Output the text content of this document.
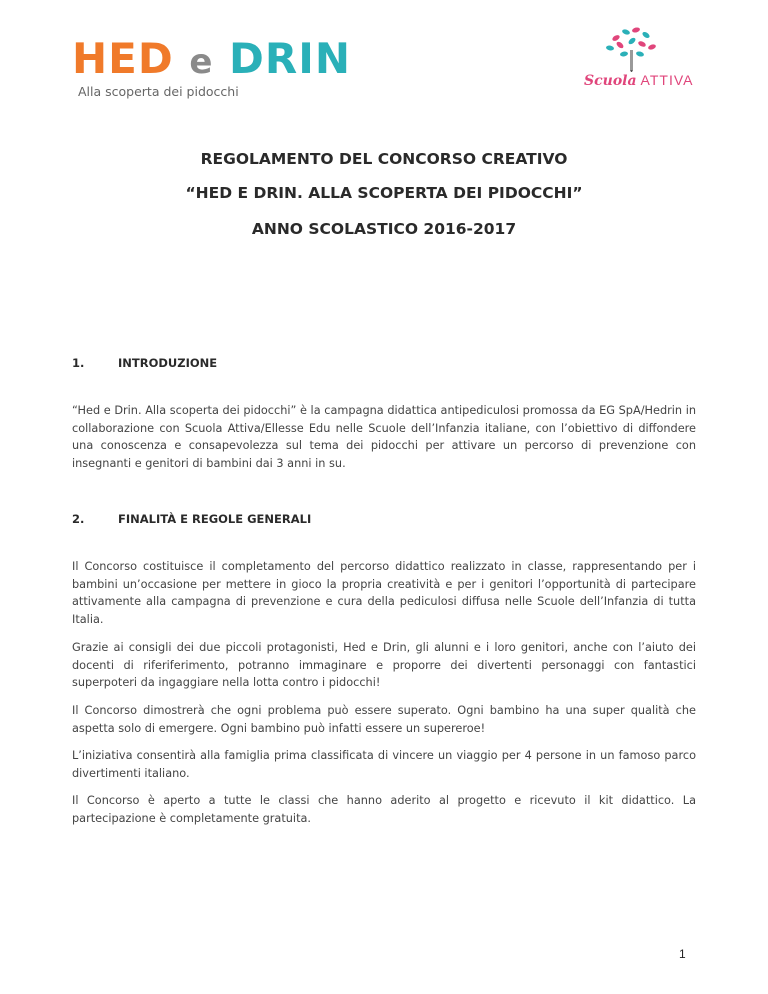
HED e DRIN
Alla scoperta dei pidocchi
Scuola ATTIVA

REGOLAMENTO DEL CONCORSO CREATIVO

“HED E DRIN. ALLA SCOPERTA DEI PIDOCCHI”

ANNO SCOLASTICO 2016-2017

1.	INTRODUZIONE

“Hed e Drin. Alla scoperta dei pidocchi” è la campagna didattica antipediculosi promossa da EG SpA/Hedrin in collaborazione con Scuola Attiva/Ellesse Edu nelle Scuole dell’Infanzia italiane, con l’obiettivo di diffondere una conoscenza e consapevolezza sul tema dei pidocchi per attivare un percorso di prevenzione con insegnanti e genitori di bambini dai 3 anni in su.

2.	FINALITÀ E REGOLE GENERALI

Il Concorso costituisce il completamento del percorso didattico realizzato in classe, rappresentando per i bambini un’occasione per mettere in gioco la propria creatività e per i genitori l’opportunità di partecipare attivamente alla campagna di prevenzione e cura della pediculosi diffusa nelle Scuole dell’Infanzia di tutta Italia.

Grazie ai consigli dei due piccoli protagonisti, Hed e Drin, gli alunni e i loro genitori, anche con l’aiuto dei docenti di riferiferimento, potranno immaginare e proporre dei divertenti personaggi con fantastici superpoteri da ingaggiare nella lotta contro i pidocchi!

Il Concorso dimostrerà che ogni problema può essere superato. Ogni bambino ha una super qualità che aspetta solo di emergere. Ogni bambino può infatti essere un supereroe!

L’iniziativa consentirà alla famiglia prima classificata di vincere un viaggio per 4 persone in un famoso parco divertimenti italiano.

Il Concorso è aperto a tutte le classi che hanno aderito al progetto e ricevuto il kit didattico. La partecipazione è completamente gratuita.

1
